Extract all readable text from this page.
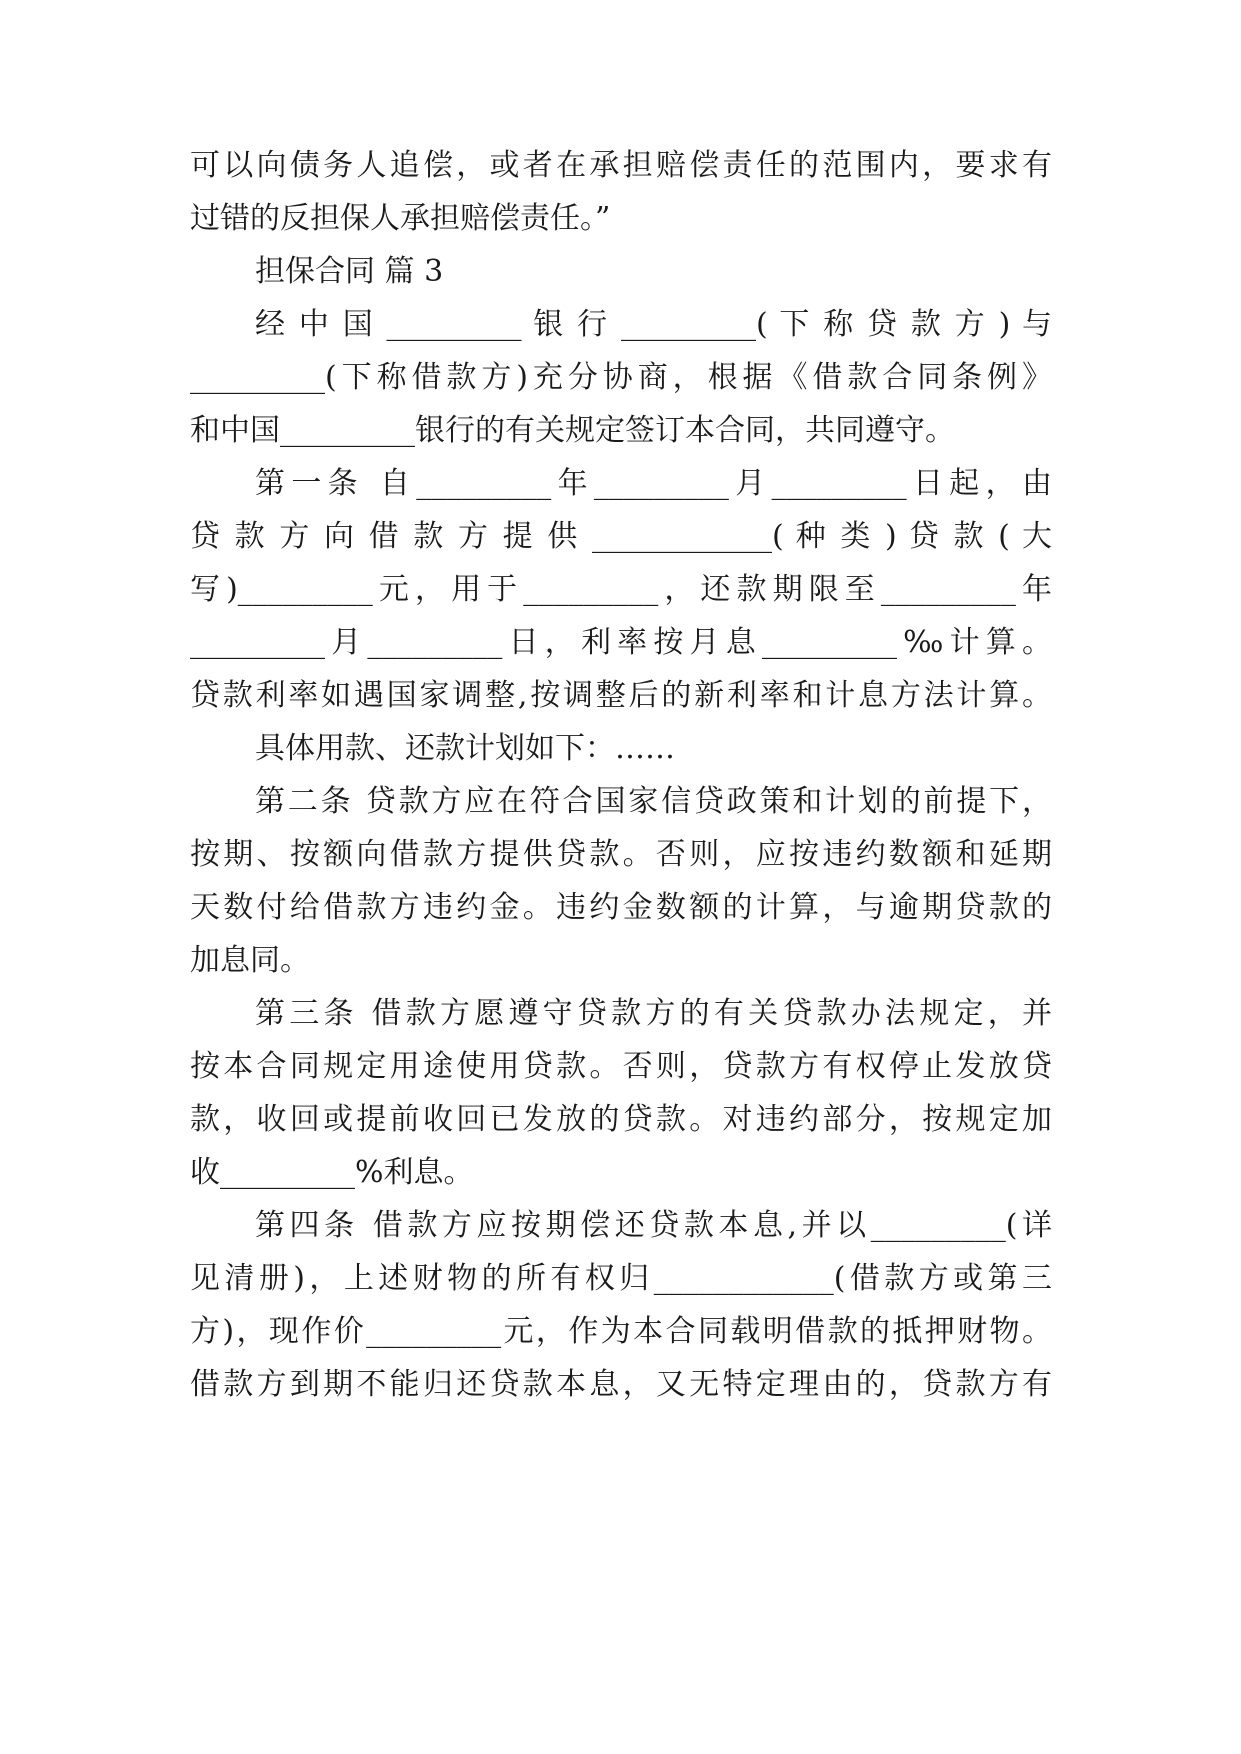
可以向债务人追偿，或者在承担赔偿责任的范围内，要求有
过错的反担保人承担赔偿责任。”
担保合同 篇 3
经 中 国 _________ 银 行 _________( 下 称 贷 款 方 ) 与
_________(下称借款方)充分协商，根据《借款合同条例》
和中国_________银行的有关规定签订本合同，共同遵守。
第一条 自_________年_________月_________日起，由
贷 款 方 向 借 款 方 提 供 ____________( 种 类 ) 贷 款 ( 大
写)_________元，用于_________，还款期限至_________年
_________月_________日，利率按月息_________‰计算。
贷款利率如遇国家调整,按调整后的新利率和计息方法计算。
具体用款、还款计划如下：……
第二条 贷款方应在符合国家信贷政策和计划的前提下，
按期、按额向借款方提供贷款。否则，应按违约数额和延期
天数付给借款方违约金。违约金数额的计算，与逾期贷款的
加息同。
第三条 借款方愿遵守贷款方的有关贷款办法规定，并
按本合同规定用途使用贷款。否则，贷款方有权停止发放贷
款，收回或提前收回已发放的贷款。对违约部分，按规定加
收_________%利息。
第四条 借款方应按期偿还贷款本息,并以_________(详
见清册)，上述财物的所有权归____________(借款方或第三
方)，现作价_________元，作为本合同载明借款的抵押财物。
借款方到期不能归还贷款本息，又无特定理由的，贷款方有
